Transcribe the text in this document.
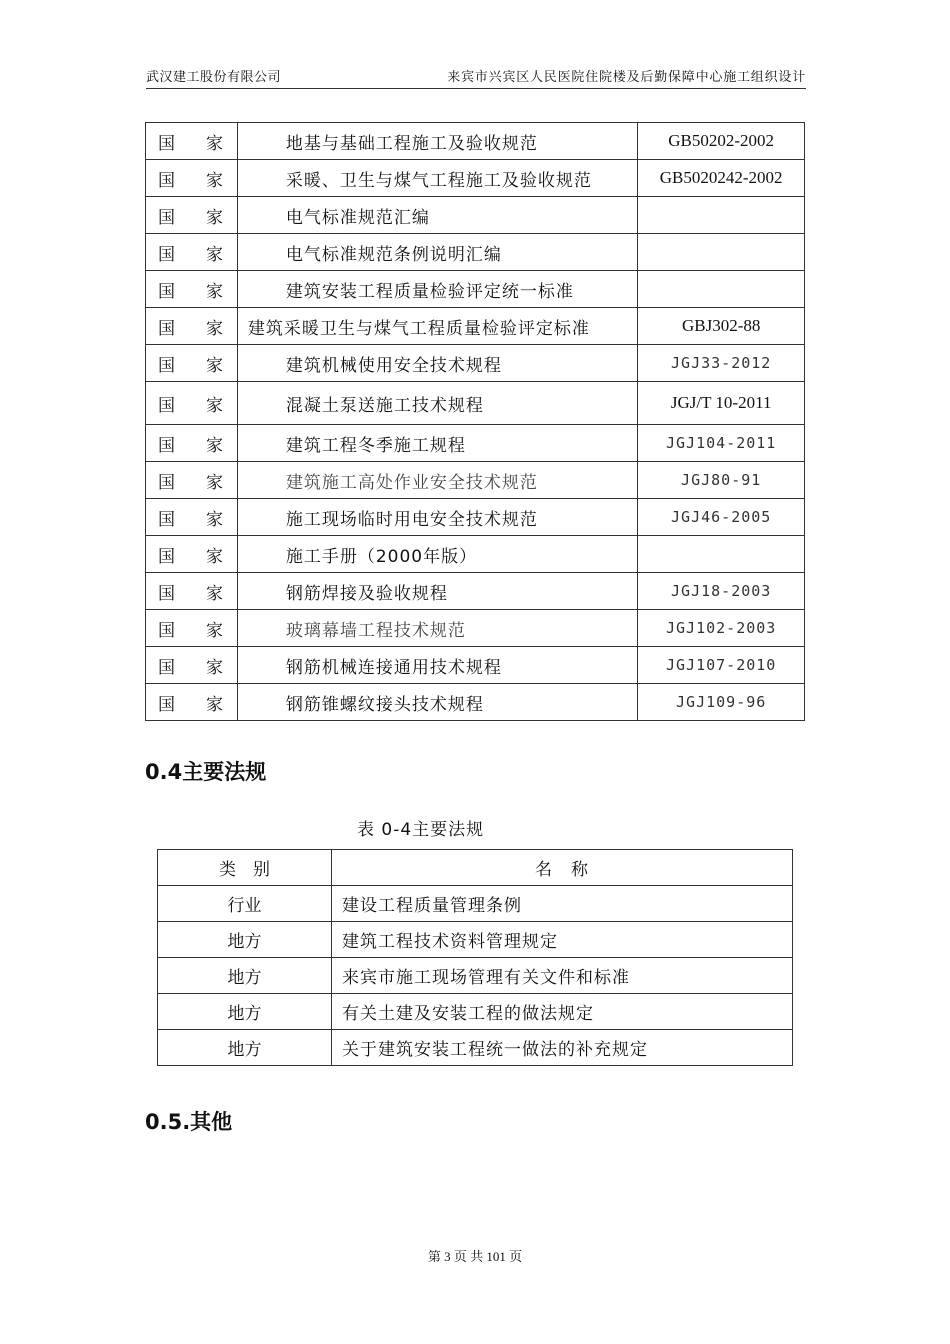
武汉建工股份有限公司	来宾市兴宾区人民医院住院楼及后勤保障中心施工组织设计
国 家	地基与基础工程施工及验收规范	GB50202-2002
国 家	采暖、卫生与煤气工程施工及验收规范	GB5020242-2002
国 家	电气标准规范汇编	
国 家	电气标准规范条例说明汇编	
国 家	建筑安装工程质量检验评定统一标准	
国 家	建筑采暖卫生与煤气工程质量检验评定标准	GBJ302-88
国 家	建筑机械使用安全技术规程	JGJ33-2012
国 家	混凝土泵送施工技术规程	JGJ/T 10-2011
国 家	建筑工程冬季施工规程	JGJ104-2011
国 家	建筑施工高处作业安全技术规范	JGJ80-91
国 家	施工现场临时用电安全技术规范	JGJ46-2005
国 家	施工手册（2000年版）	
国 家	钢筋焊接及验收规程	JGJ18-2003
国 家	玻璃幕墙工程技术规范	JGJ102-2003
国 家	钢筋机械连接通用技术规程	JGJ107-2010
国 家	钢筋锥螺纹接头技术规程	JGJ109-96
0.4主要法规
表 0-4主要法规
类　别	名　称
行业	建设工程质量管理条例
地方	建筑工程技术资料管理规定
地方	来宾市施工现场管理有关文件和标准
地方	有关土建及安装工程的做法规定
地方	关于建筑安装工程统一做法的补充规定
0.5.其他
第 3 页 共 101 页
